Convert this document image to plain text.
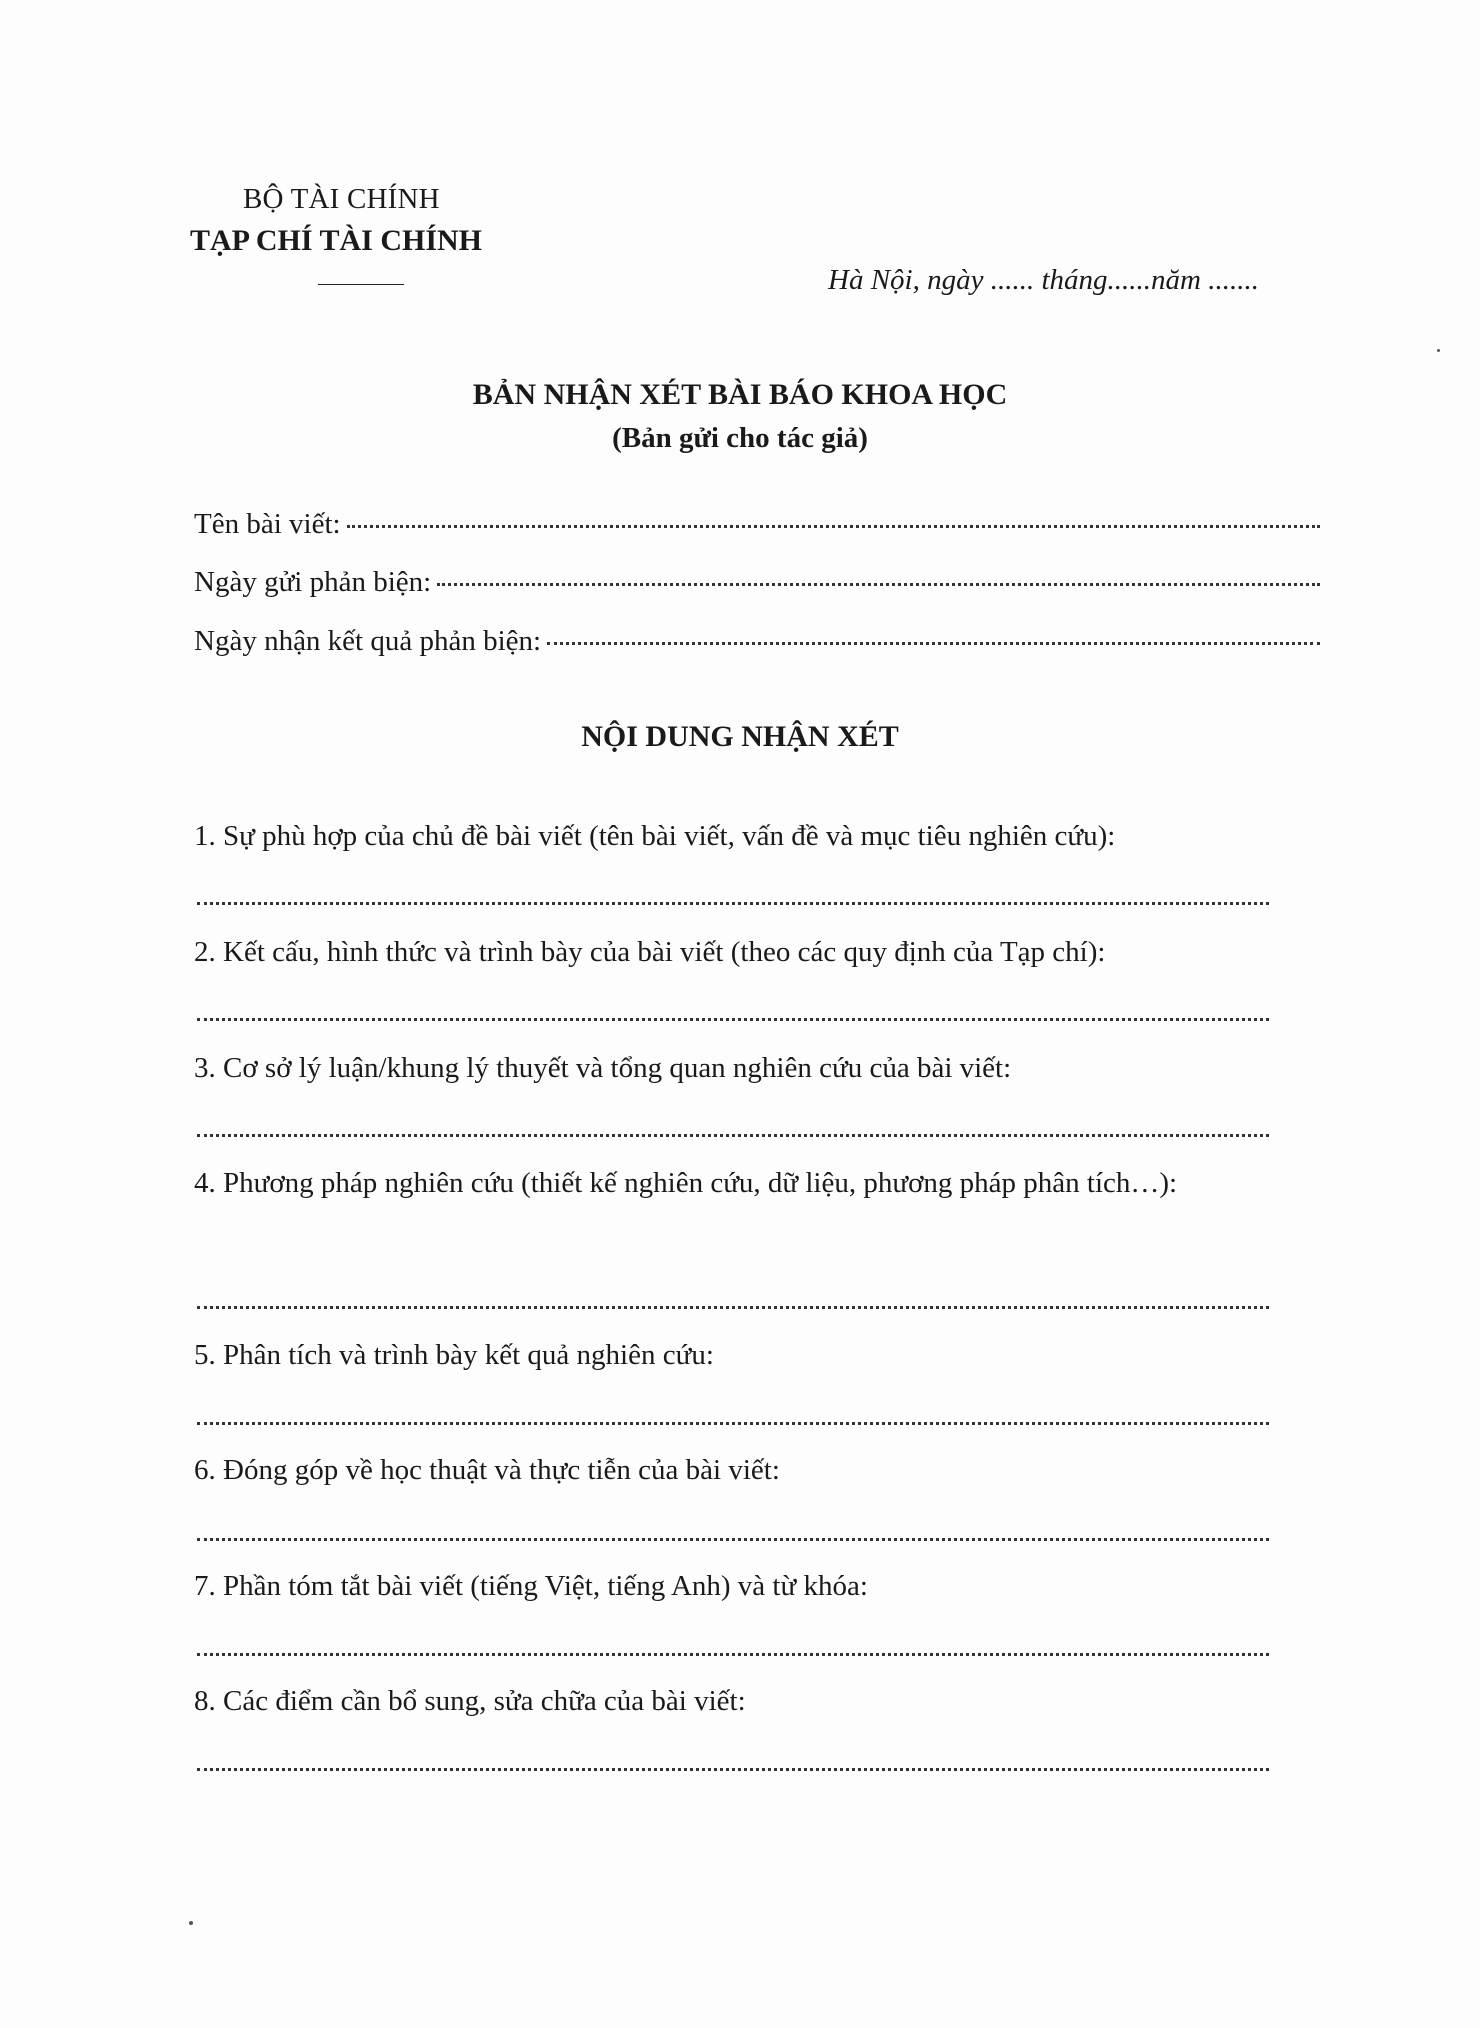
BỘ TÀI CHÍNH
TẠP CHÍ TÀI CHÍNH
Hà Nội, ngày ...... tháng......năm .......
BẢN NHẬN XÉT BÀI BÁO KHOA HỌC
(Bản gửi cho tác giả)
Tên bài viết:
Ngày gửi phản biện:
Ngày nhận kết quả phản biện:
NỘI DUNG NHẬN XÉT
1. Sự phù hợp của chủ đề bài viết (tên bài viết, vấn đề và mục tiêu nghiên cứu):
2. Kết cấu, hình thức và trình bày của bài viết (theo các quy định của Tạp chí):
3. Cơ sở lý luận/khung lý thuyết và tổng quan nghiên cứu của bài viết:
4. Phương pháp nghiên cứu (thiết kế nghiên cứu, dữ liệu, phương pháp phân tích…):
5. Phân tích và trình bày kết quả nghiên cứu:
6. Đóng góp về học thuật và thực tiễn của bài viết:
7. Phần tóm tắt bài viết (tiếng Việt, tiếng Anh) và từ khóa:
8. Các điểm cần bổ sung, sửa chữa của bài viết:
